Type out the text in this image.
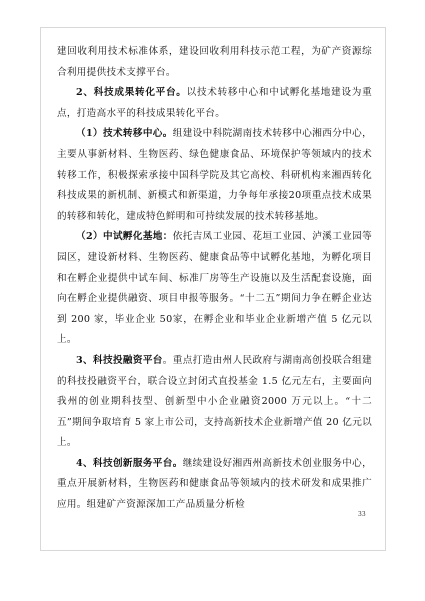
建回收利用技术标准体系，建设回收利用科技示范工程，为矿产资源综合利用提供技术支撑平台。

2、科技成果转化平台。以技术转移中心和中试孵化基地建设为重点，打造高水平的科技成果转化平台。

（1）技术转移中心。组建设中科院湖南技术转移中心湘西分中心，主要从事新材料、生物医药、绿色健康食品、环境保护等领域内的技术转移工作，积极探索承接中国科学院及其它高校、科研机构来湘西转化科技成果的新机制、新模式和新渠道，力争每年承接20项重点技术成果的转移和转化，建成特色鲜明和可持续发展的技术转移基地。

（2）中试孵化基地：依托吉凤工业园、花垣工业园、泸溪工业园等园区，建设新材料、生物医药、健康食品等中试孵化基地，为孵化项目和在孵企业提供中试车间、标准厂房等生产设施以及生活配套设施，面向在孵企业提供融资、项目申报等服务。“十二五”期间力争在孵企业达到 200 家，毕业企业 50家，在孵企业和毕业企业新增产值 5 亿元以上。

3、科技投融资平台。重点打造由州人民政府与湖南高创投联合组建的科技投融资平台，联合设立封闭式直投基金 1.5 亿元左右，主要面向我州的创业期科技型、创新型中小企业融资2000 万元以上。“十二五”期间争取培育 5 家上市公司，支持高新技术企业新增产值 20 亿元以上。

4、科技创新服务平台。继续建设好湘西州高新技术创业服务中心，重点开展新材料，生物医药和健康食品等领域内的技术研发和成果推广应用。组建矿产资源深加工产品质量分析检

33
